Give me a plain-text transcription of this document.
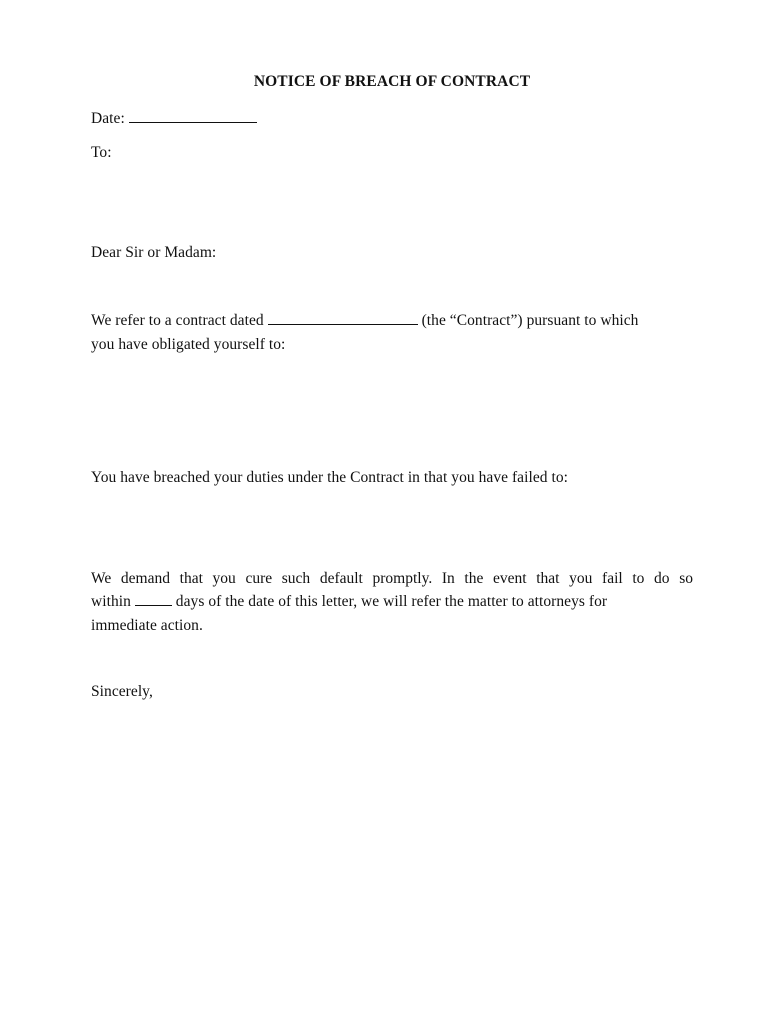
NOTICE OF BREACH OF CONTRACT
Date:
To:
Dear Sir or Madam:
We refer to a contract dated	(the “Contract”) pursuant to which
you have obligated yourself to:
You have breached your duties under the Contract in that you have failed to:
We demand that you cure such default promptly. In the event that you fail to do so
within	days of the date of this letter, we will refer the matter to attorneys for
immediate action.
Sincerely,
